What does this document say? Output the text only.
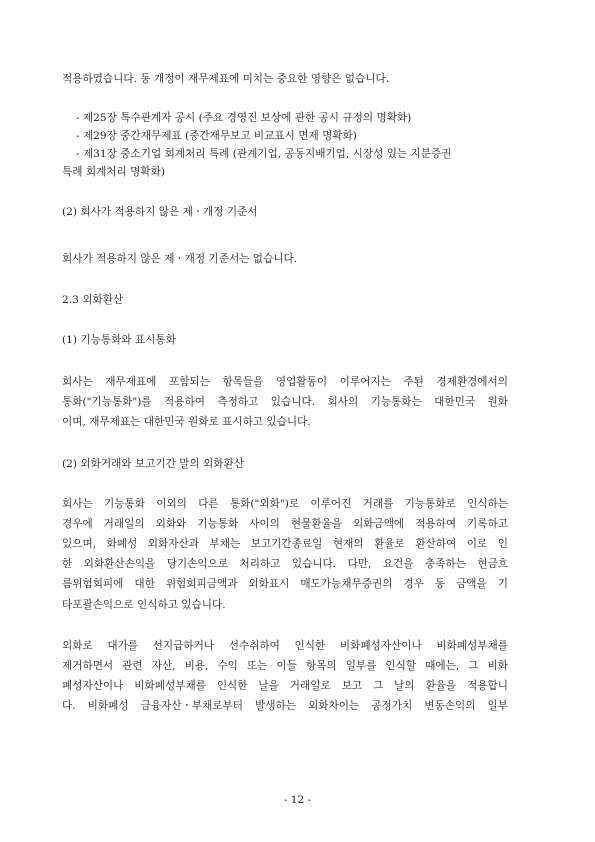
적용하였습니다. 동 개정이 재무제표에 미치는 중요한 영향은 없습니다.
- 제25장 특수관계자 공시 (주요 경영진 보상에 관한 공시 규정의 명확화)
- 제29장 중간재무제표 (중간재무보고 비교표시 면제 명확화)
- 제31장 중소기업 회계처리 특례 (관계기업, 공동지배기업, 시장성 있는 지분증권
특례 회계처리 명확화)
(2) 회사가 적용하지 않은 제ㆍ개정 기준서
회사가 적용하지 않은 제ㆍ개정 기준서는 없습니다.
2.3 외화환산
(1) 기능통화와 표시통화
회사는 재무제표에 포함되는 항목들을 영업활동이 이루어지는 주된 경제환경에서의
통화("기능통화")를 적용하여 측정하고 있습니다. 회사의 기능통화는 대한민국 원화
이며, 재무제표는 대한민국 원화로 표시하고 있습니다.
(2) 외화거래와 보고기간 말의 외화환산
회사는 기능통화 이외의 다른 통화("외화")로 이루어진 거래를 기능통화로 인식하는
경우에 거래일의 외화와 기능통화 사이의 현물환율을 외화금액에 적용하여 기록하고
있으며, 화폐성 외화자산과 부채는 보고기간종료일 현재의 환율로 환산하여 이로 인
한 외화환산손익을 당기손익으로 처리하고 있습니다. 다만, 요건을 충족하는 현금흐
름위험회피에 대한 위험회피금액과 외화표시 매도가능채무증권의 경우 동 금액을 기
타포괄손익으로 인식하고 있습니다.
외화로 대가를 선지급하거나 선수취하여 인식한 비화폐성자산이나 비화폐성부채를
제거하면서 관련 자산, 비용, 수익 또는 이들 항목의 일부를 인식할 때에는, 그 비화
폐성자산이나 비화폐성부채를 인식한 날을 거래일로 보고 그 날의 환율을 적용합니
다. 비화폐성 금융자산ㆍ부채로부터 발생하는 외화차이는 공정가치 변동손익의 일부
- 12 -
